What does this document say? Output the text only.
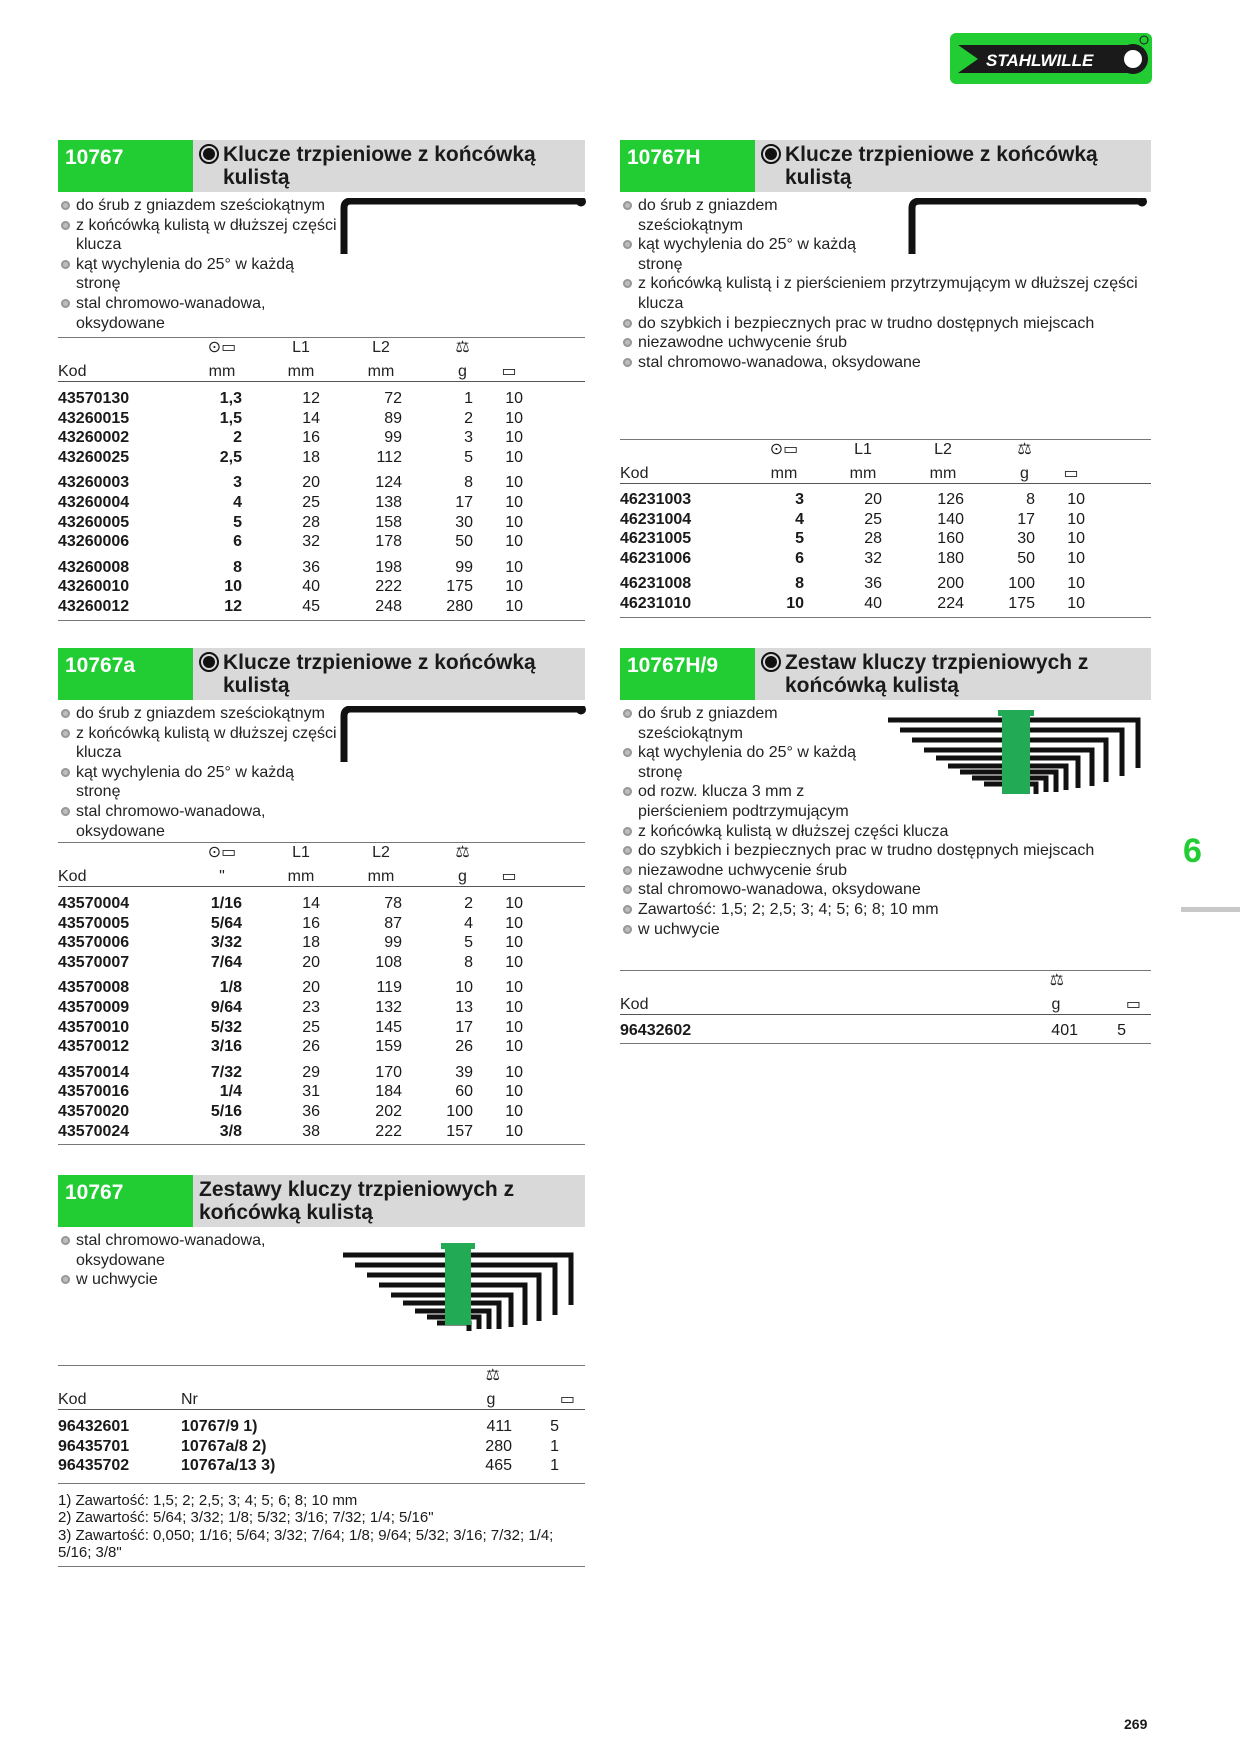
STAHLWILLE
10767	Klucze trzpieniowe z końcówką kulistą
do śrub z gniazdem sześciokątnym
z końcówką kulistą w dłuższej części klucza
kąt wychylenia do 25° w każdą stronę
stal chromowo-wanadowa, oksydowane
⊙▭	L1	L2	⚖
Kod	mm	mm	mm	g	▭
43570130	1,3	12	72	1	10
43260015	1,5	14	89	2	10
43260002	2	16	99	3	10
43260025	2,5	18	112	5	10
43260003	3	20	124	8	10
43260004	4	25	138	17	10
43260005	5	28	158	30	10
43260006	6	32	178	50	10
43260008	8	36	198	99	10
43260010	10	40	222	175	10
43260012	12	45	248	280	10
10767a	Klucze trzpieniowe z końcówką kulistą
do śrub z gniazdem sześciokątnym
z końcówką kulistą w dłuższej części klucza
kąt wychylenia do 25° w każdą stronę
stal chromowo-wanadowa, oksydowane
⊙▭	L1	L2	⚖
Kod	"	mm	mm	g	▭
43570004	1/16	14	78	2	10
43570005	5/64	16	87	4	10
43570006	3/32	18	99	5	10
43570007	7/64	20	108	8	10
43570008	1/8	20	119	10	10
43570009	9/64	23	132	13	10
43570010	5/32	25	145	17	10
43570012	3/16	26	159	26	10
43570014	7/32	29	170	39	10
43570016	1/4	31	184	60	10
43570020	5/16	36	202	100	10
43570024	3/8	38	222	157	10
10767	Zestawy kluczy trzpieniowych z końcówką kulistą
stal chromowo-wanadowa, oksydowane
w uchwycie
⚖
Kod	Nr	g	▭
96432601	10767/9 1)	411	5
96435701	10767a/8 2)	280	1
96435702	10767a/13 3)	465	1
1) Zawartość: 1,5; 2; 2,5; 3; 4; 5; 6; 8; 10 mm
2) Zawartość: 5/64; 3/32; 1/8; 5/32; 3/16; 7/32; 1/4; 5/16"
3) Zawartość: 0,050; 1/16; 5/64; 3/32; 7/64; 1/8; 9/64; 5/32; 3/16; 7/32; 1/4; 5/16; 3/8"
10767H	Klucze trzpieniowe z końcówką kulistą
do śrub z gniazdem sześciokątnym
kąt wychylenia do 25° w każdą stronę
z końcówką kulistą i z pierścieniem przytrzymującym w dłuższej części klucza
do szybkich i bezpiecznych prac w trudno dostępnych miejscach
niezawodne uchwycenie śrub
stal chromowo-wanadowa, oksydowane
⊙▭	L1	L2	⚖
Kod	mm	mm	mm	g	▭
46231003	3	20	126	8	10
46231004	4	25	140	17	10
46231005	5	28	160	30	10
46231006	6	32	180	50	10
46231008	8	36	200	100	10
46231010	10	40	224	175	10
10767H/9	Zestaw kluczy trzpieniowych z końcówką kulistą
do śrub z gniazdem sześciokątnym
kąt wychylenia do 25° w każdą stronę
od rozw. klucza 3 mm z pierścieniem podtrzymującym
z końcówką kulistą w dłuższej części klucza
do szybkich i bezpiecznych prac w trudno dostępnych miejscach
niezawodne uchwycenie śrub
stal chromowo-wanadowa, oksydowane
Zawartość: 1,5; 2; 2,5; 3; 4; 5; 6; 8; 10 mm
w uchwycie
⚖
Kod	g	▭
96432602	401	5
6
269
